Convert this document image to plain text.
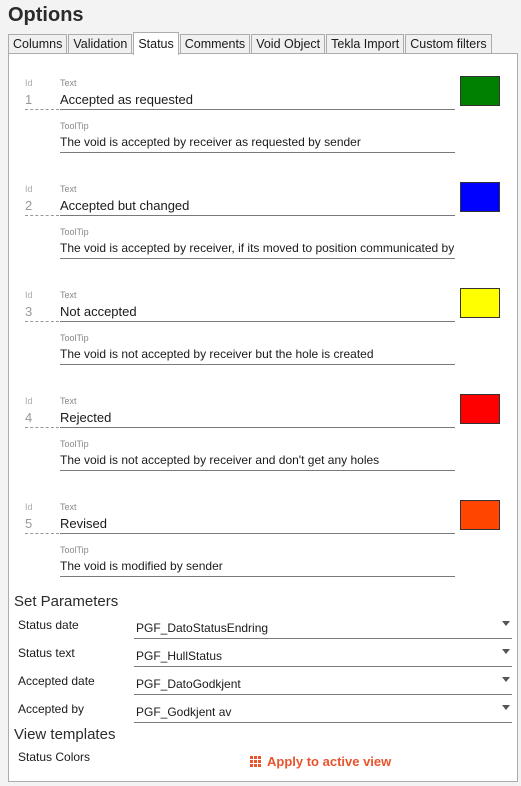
Options
Columns Validation Status Comments Void Object Tekla Import Custom filters
Id
1
Text
Accepted as requested
ToolTip
The void is accepted by receiver as requested by sender
Id
2
Text
Accepted but changed
ToolTip
The void is accepted by receiver, if its moved to position communicated by
Id
3
Text
Not accepted
ToolTip
The void is not accepted by receiver but the hole is created
Id
4
Text
Rejected
ToolTip
The void is not accepted by receiver and don't get any holes
Id
5
Text
Revised
ToolTip
The void is modified by sender
Set Parameters
Status date	PGF_DatoStatusEndring
Status text	PGF_HullStatus
Accepted date	PGF_DatoGodkjent
Accepted by	PGF_Godkjent av
View templates
Status Colors	Apply to active view
